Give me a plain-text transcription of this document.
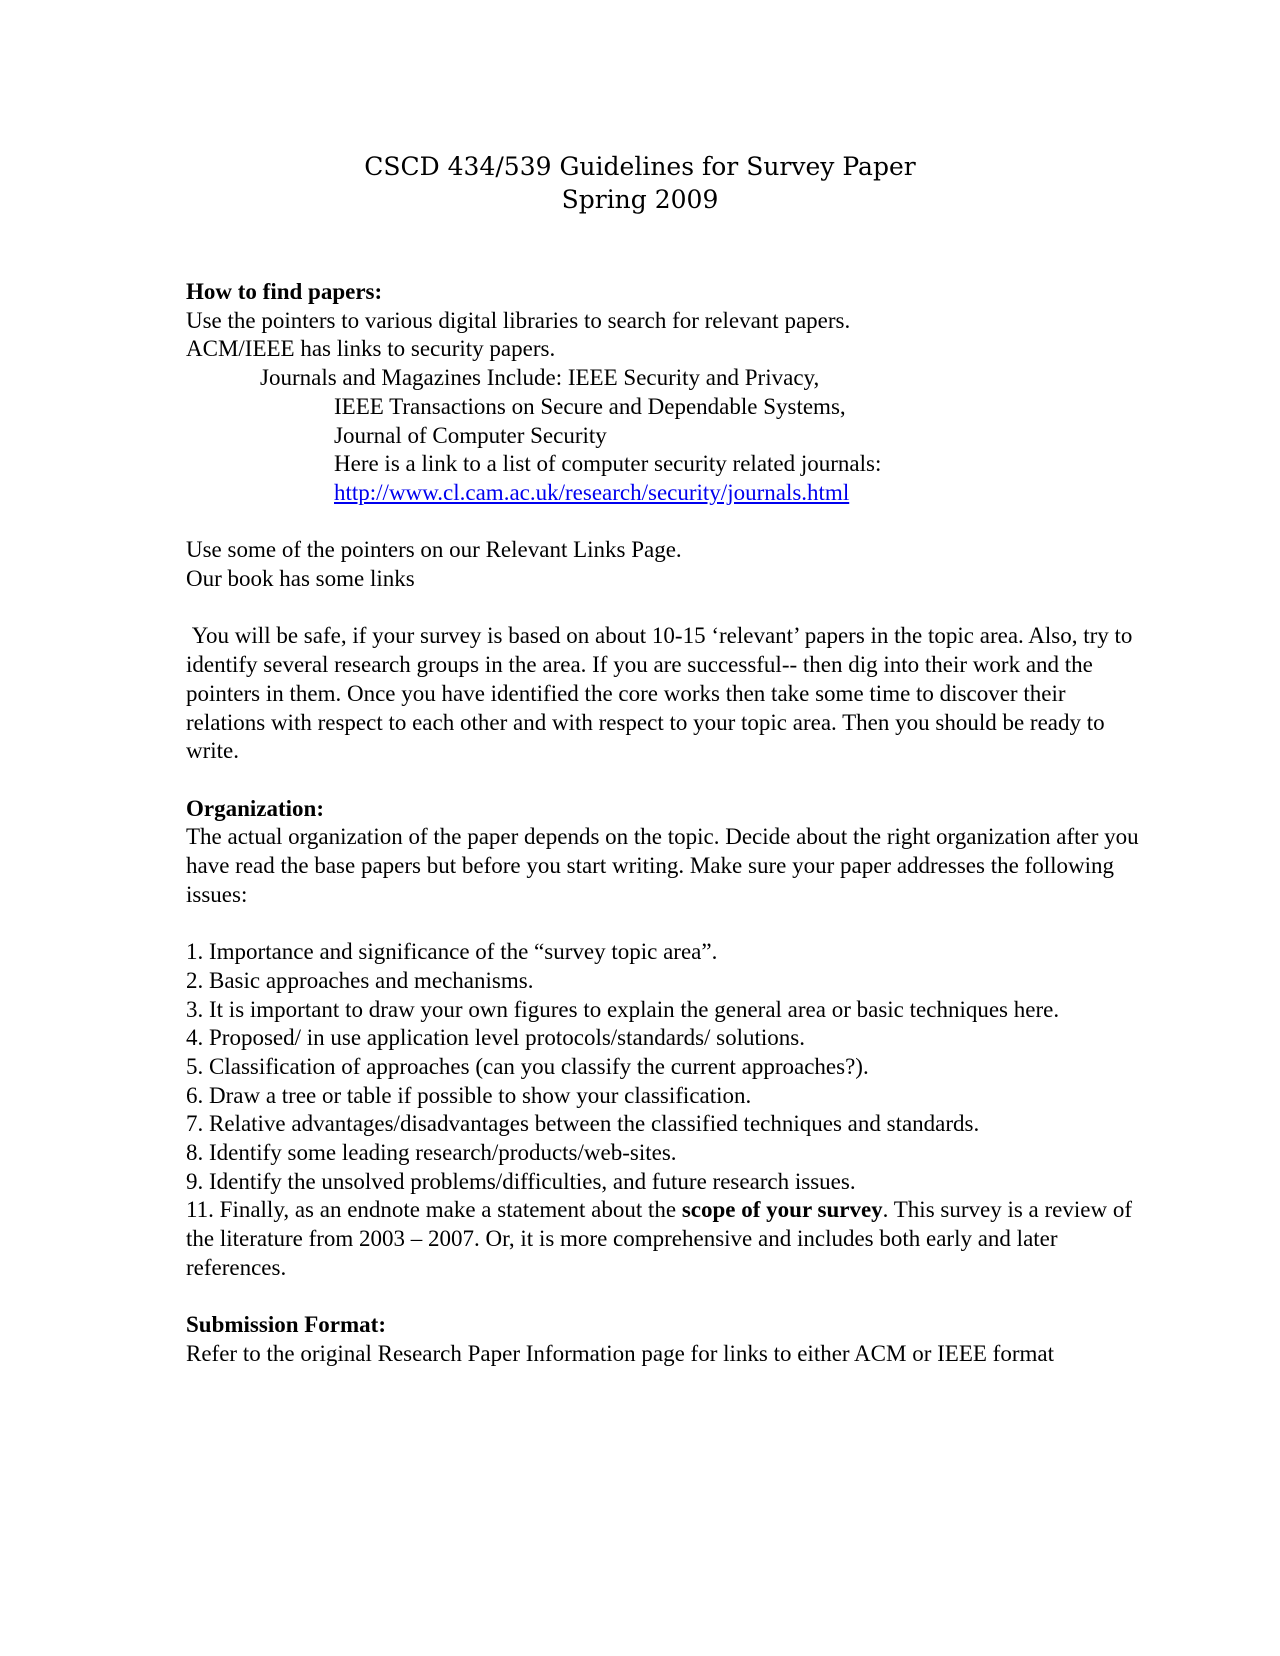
CSCD 434/539 Guidelines for Survey Paper
Spring 2009
How to find papers:
Use the pointers to various digital libraries to search for relevant papers.
ACM/IEEE has links to security papers.
Journals and Magazines Include: IEEE Security and Privacy,
IEEE Transactions on Secure and Dependable Systems,
Journal of Computer Security
Here is a link to a list of computer security related journals:
http://www.cl.cam.ac.uk/research/security/journals.html
Use some of the pointers on our Relevant Links Page.
Our book has some links
You will be safe, if your survey is based on about 10-15 ‘relevant’ papers in the topic area. Also, try to identify several research groups in the area. If you are successful-- then dig into their work and the pointers in them. Once you have identified the core works then take some time to discover their relations with respect to each other and with respect to your topic area. Then you should be ready to write.
Organization:
The actual organization of the paper depends on the topic. Decide about the right organization after you have read the base papers but before you start writing. Make sure your paper addresses the following issues:
1. Importance and significance of the “survey topic area”.
2. Basic approaches and mechanisms.
3. It is important to draw your own figures to explain the general area or basic techniques here.
4. Proposed/ in use application level protocols/standards/ solutions.
5. Classification of approaches (can you classify the current approaches?).
6. Draw a tree or table if possible to show your classification.
7. Relative advantages/disadvantages between the classified techniques and standards.
8. Identify some leading research/products/web-sites.
9. Identify the unsolved problems/difficulties, and future research issues.
11. Finally, as an endnote make a statement about the scope of your survey. This survey is a review of the literature from 2003 – 2007. Or, it is more comprehensive and includes both early and later references.
Submission Format:
Refer to the original Research Paper Information page for links to either ACM or IEEE format
